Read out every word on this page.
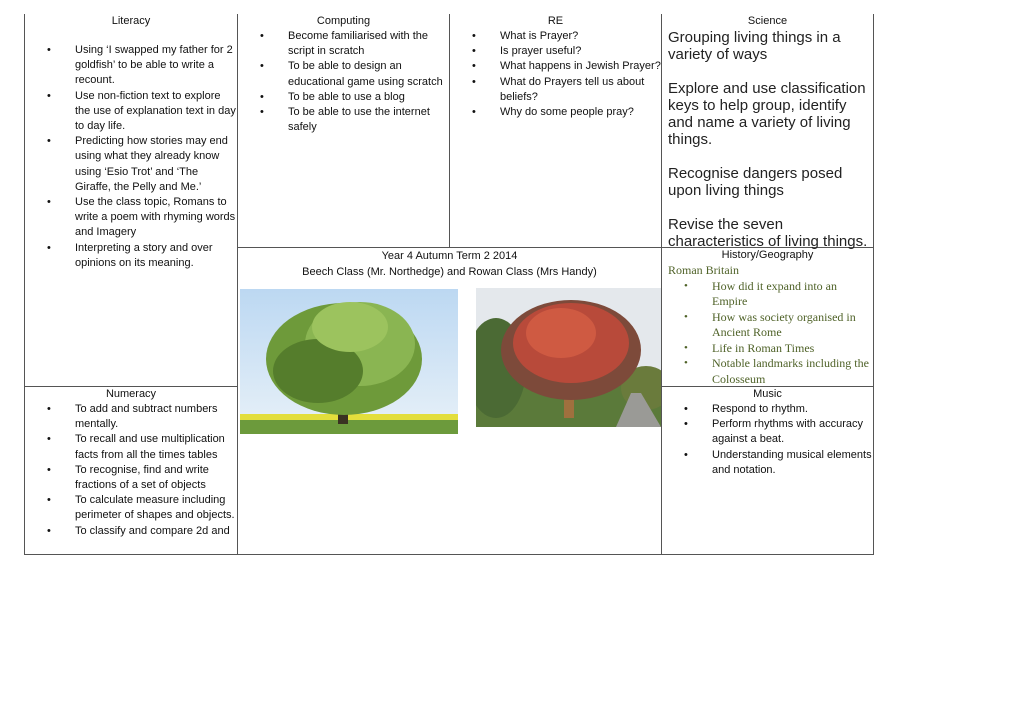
Literacy
• Using ‘I swapped my father for 2 goldfish’ to be able to write a recount.
• Use non-fiction text to explore the use of explanation text in day to day life.
• Predicting how stories may end using what they already know using ‘Esio Trot’ and ‘The Giraffe, the Pelly and Me.’
• Use the class topic, Romans to write a poem with rhyming words and Imagery
• Interpreting a story and over opinions on its meaning.
Computing
• Become familiarised with the script in scratch
• To be able to design an educational game using scratch
• To be able to use a blog
• To be able to use the internet safely
RE
• What is Prayer?
• Is prayer useful?
• What happens in Jewish Prayer?
• What do Prayers tell us about beliefs?
• Why do some people pray?
Science

Grouping living things in a variety of ways

Explore and use classification keys to help group, identify and name a variety of living things.

Recognise dangers posed upon living things

Revise the seven characteristics of living things.

Year 4 Autumn Term 2 2014
Beech Class (Mr. Northedge) and Rowan Class (Mrs Handy)
History/Geography
Roman Britain
• How did it expand into an Empire
• How was society organised in Ancient Rome
• Life in Roman Times
• Notable landmarks including the Colosseum
Numeracy
• To add and subtract numbers mentally.
• To recall and use multiplication facts from all the times tables
• To recognise, find and write fractions of a set of objects
• To calculate measure including perimeter of shapes and objects.
• To classify and compare 2d and
Music
• Respond to rhythm.
• Perform rhythms with accuracy against a beat.
• Understanding musical elements and notation.
